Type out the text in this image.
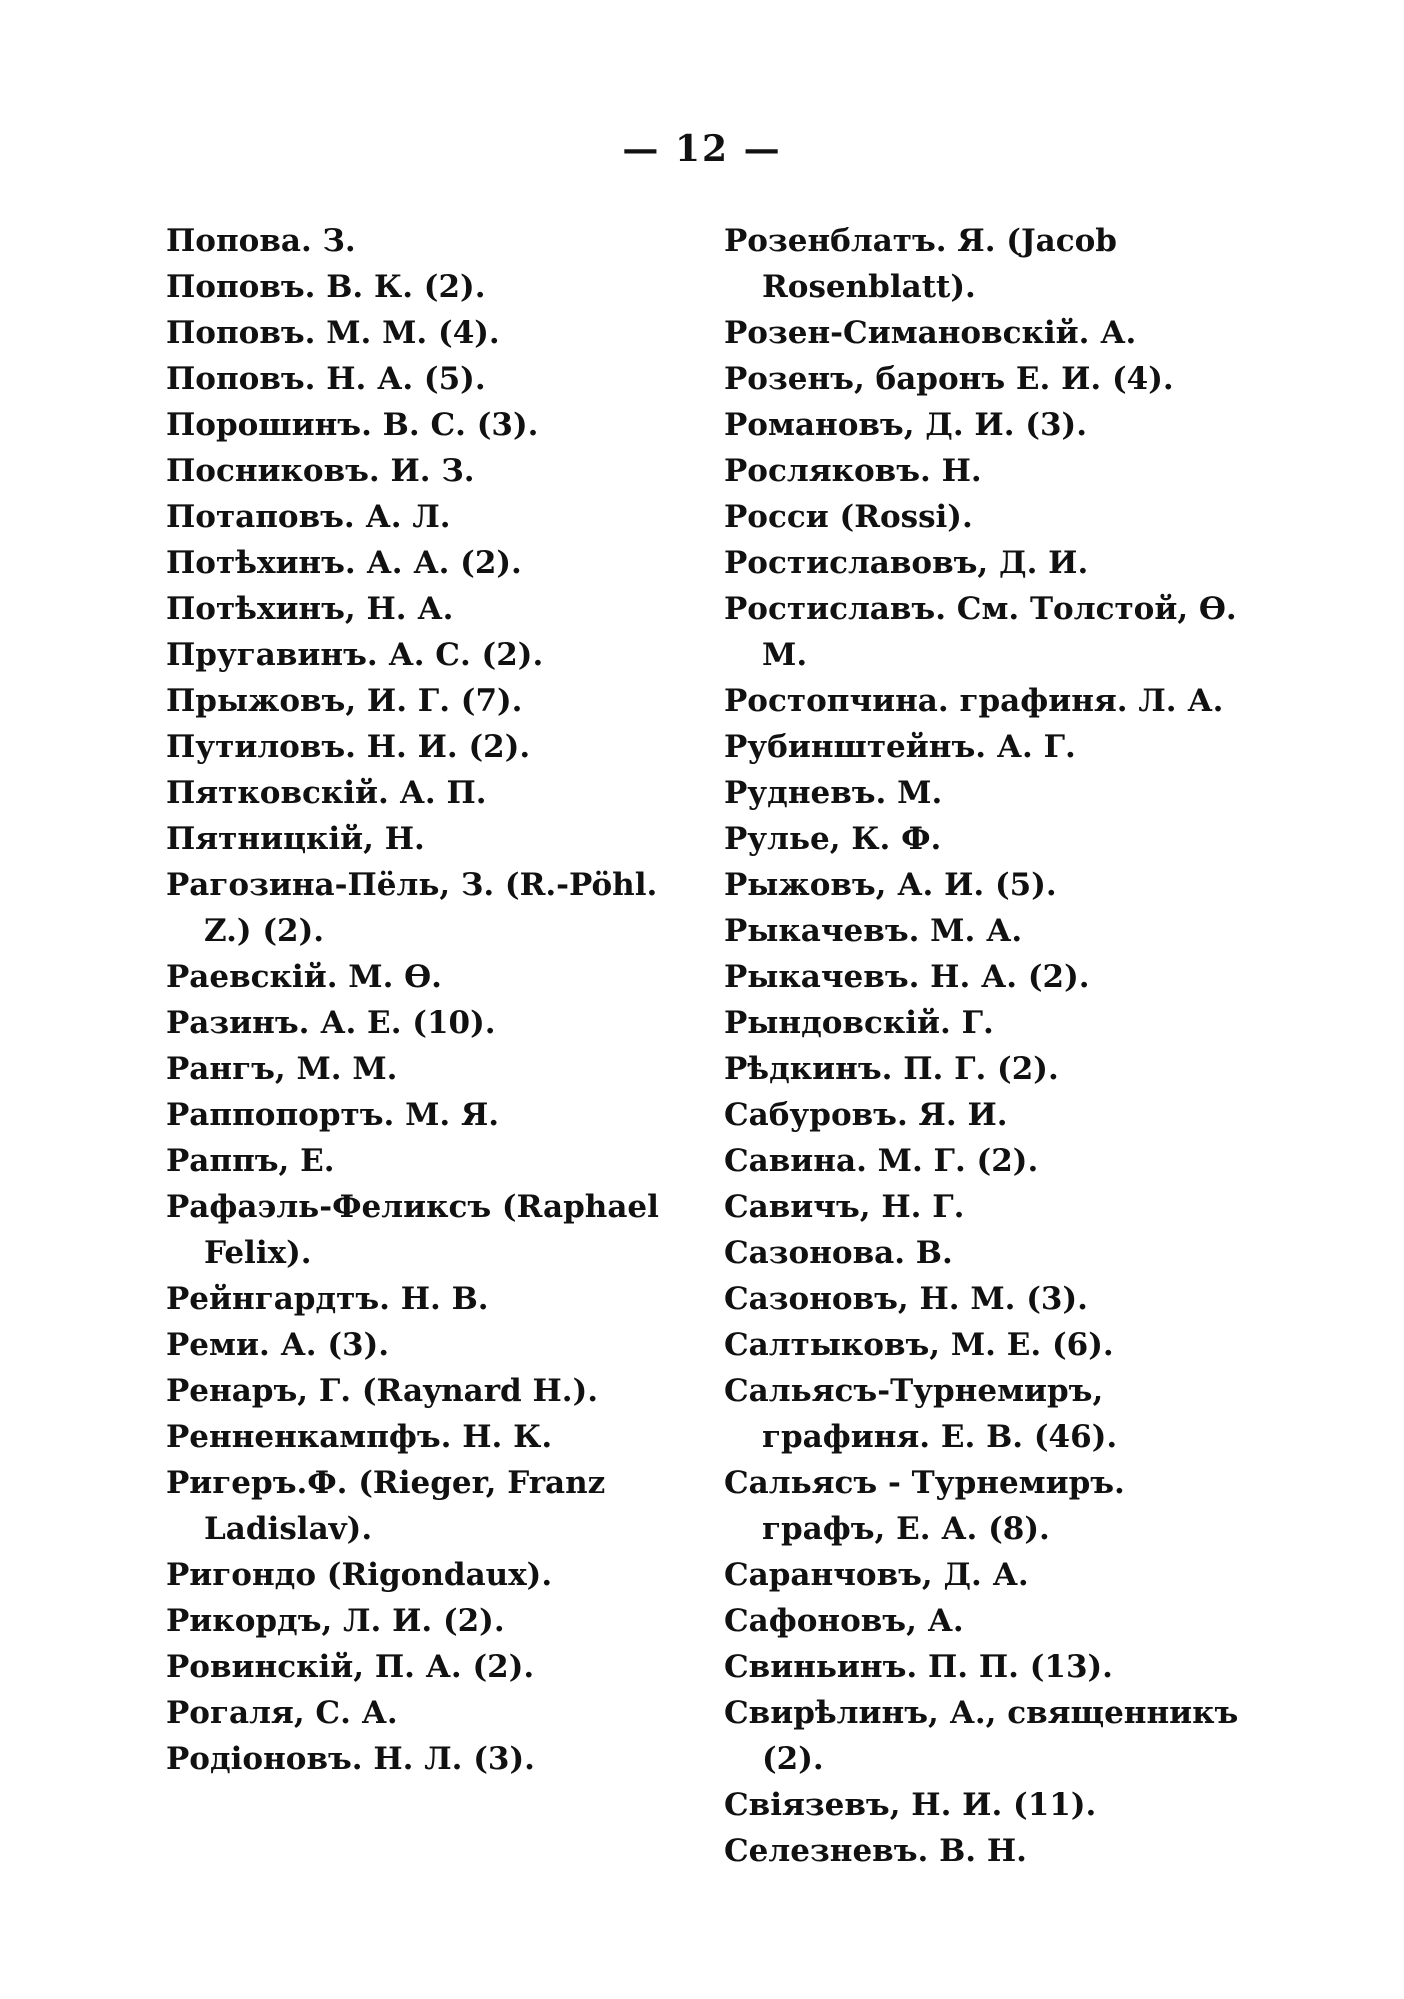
— 12 —
Попова. З.
Поповъ. В. К. (2).
Поповъ. М. М. (4).
Поповъ. Н. А. (5).
Порошинъ. В. С. (3).
Посниковъ. И. З.
Потаповъ. А. Л.
Потѣхинъ. А. А. (2).
Потѣхинъ, Н. А.
Пругавинъ. А. С. (2).
Прыжовъ, И. Г. (7).
Путиловъ. Н. И. (2).
Пятковскій. А. П.
Пятницкій, Н.
Рагозина-Пёль, З. (R.-Pöhl. Z.) (2).
Раевскій. М. Ѳ.
Разинъ. А. Е. (10).
Рангъ, М. М.
Раппопортъ. М. Я.
Раппъ, Е.
Рафаэль-Феликсъ (Raphael Felix).
Рейнгардтъ. Н. В.
Реми. А. (3).
Ренаръ, Г. (Raynard H.).
Ренненкампфъ. Н. К.
Ригеръ.Ф. (Rieger, Franz Ladislav).
Ригондо (Rigondaux).
Рикордъ, Л. И. (2).
Ровинскій, П. А. (2).
Рогаля, С. А.
Родіоновъ. Н. Л. (3).
Розенблатъ. Я. (Jacob Rosenblatt).
Розен-Симановскій. А.
Розенъ, баронъ Е. И. (4).
Романовъ, Д. И. (3).
Росляковъ. Н.
Росси (Rossi).
Ростиславовъ, Д. И.
Ростиславъ. См. Толстой, Ѳ. М.
Ростопчина. графиня. Л. А.
Рубинштейнъ. А. Г.
Рудневъ. М.
Рулье, К. Ф.
Рыжовъ, А. И. (5).
Рыкачевъ. М. А.
Рыкачевъ. Н. А. (2).
Рындовскій. Г.
Рѣдкинъ. П. Г. (2).
Сабуровъ. Я. И.
Савина. М. Г. (2).
Савичъ, Н. Г.
Сазонова. В.
Сазоновъ, Н. М. (3).
Салтыковъ, М. Е. (6).
Сальясъ-Турнемиръ, графиня. Е. В. (46).
Сальясъ - Турнемиръ. графъ, Е. А. (8).
Саранчовъ, Д. А.
Сафоновъ, А.
Свиньинъ. П. П. (13).
Свирѣлинъ, А., священникъ (2).
Свіязевъ, Н. И. (11).
Селезневъ. В. Н.
